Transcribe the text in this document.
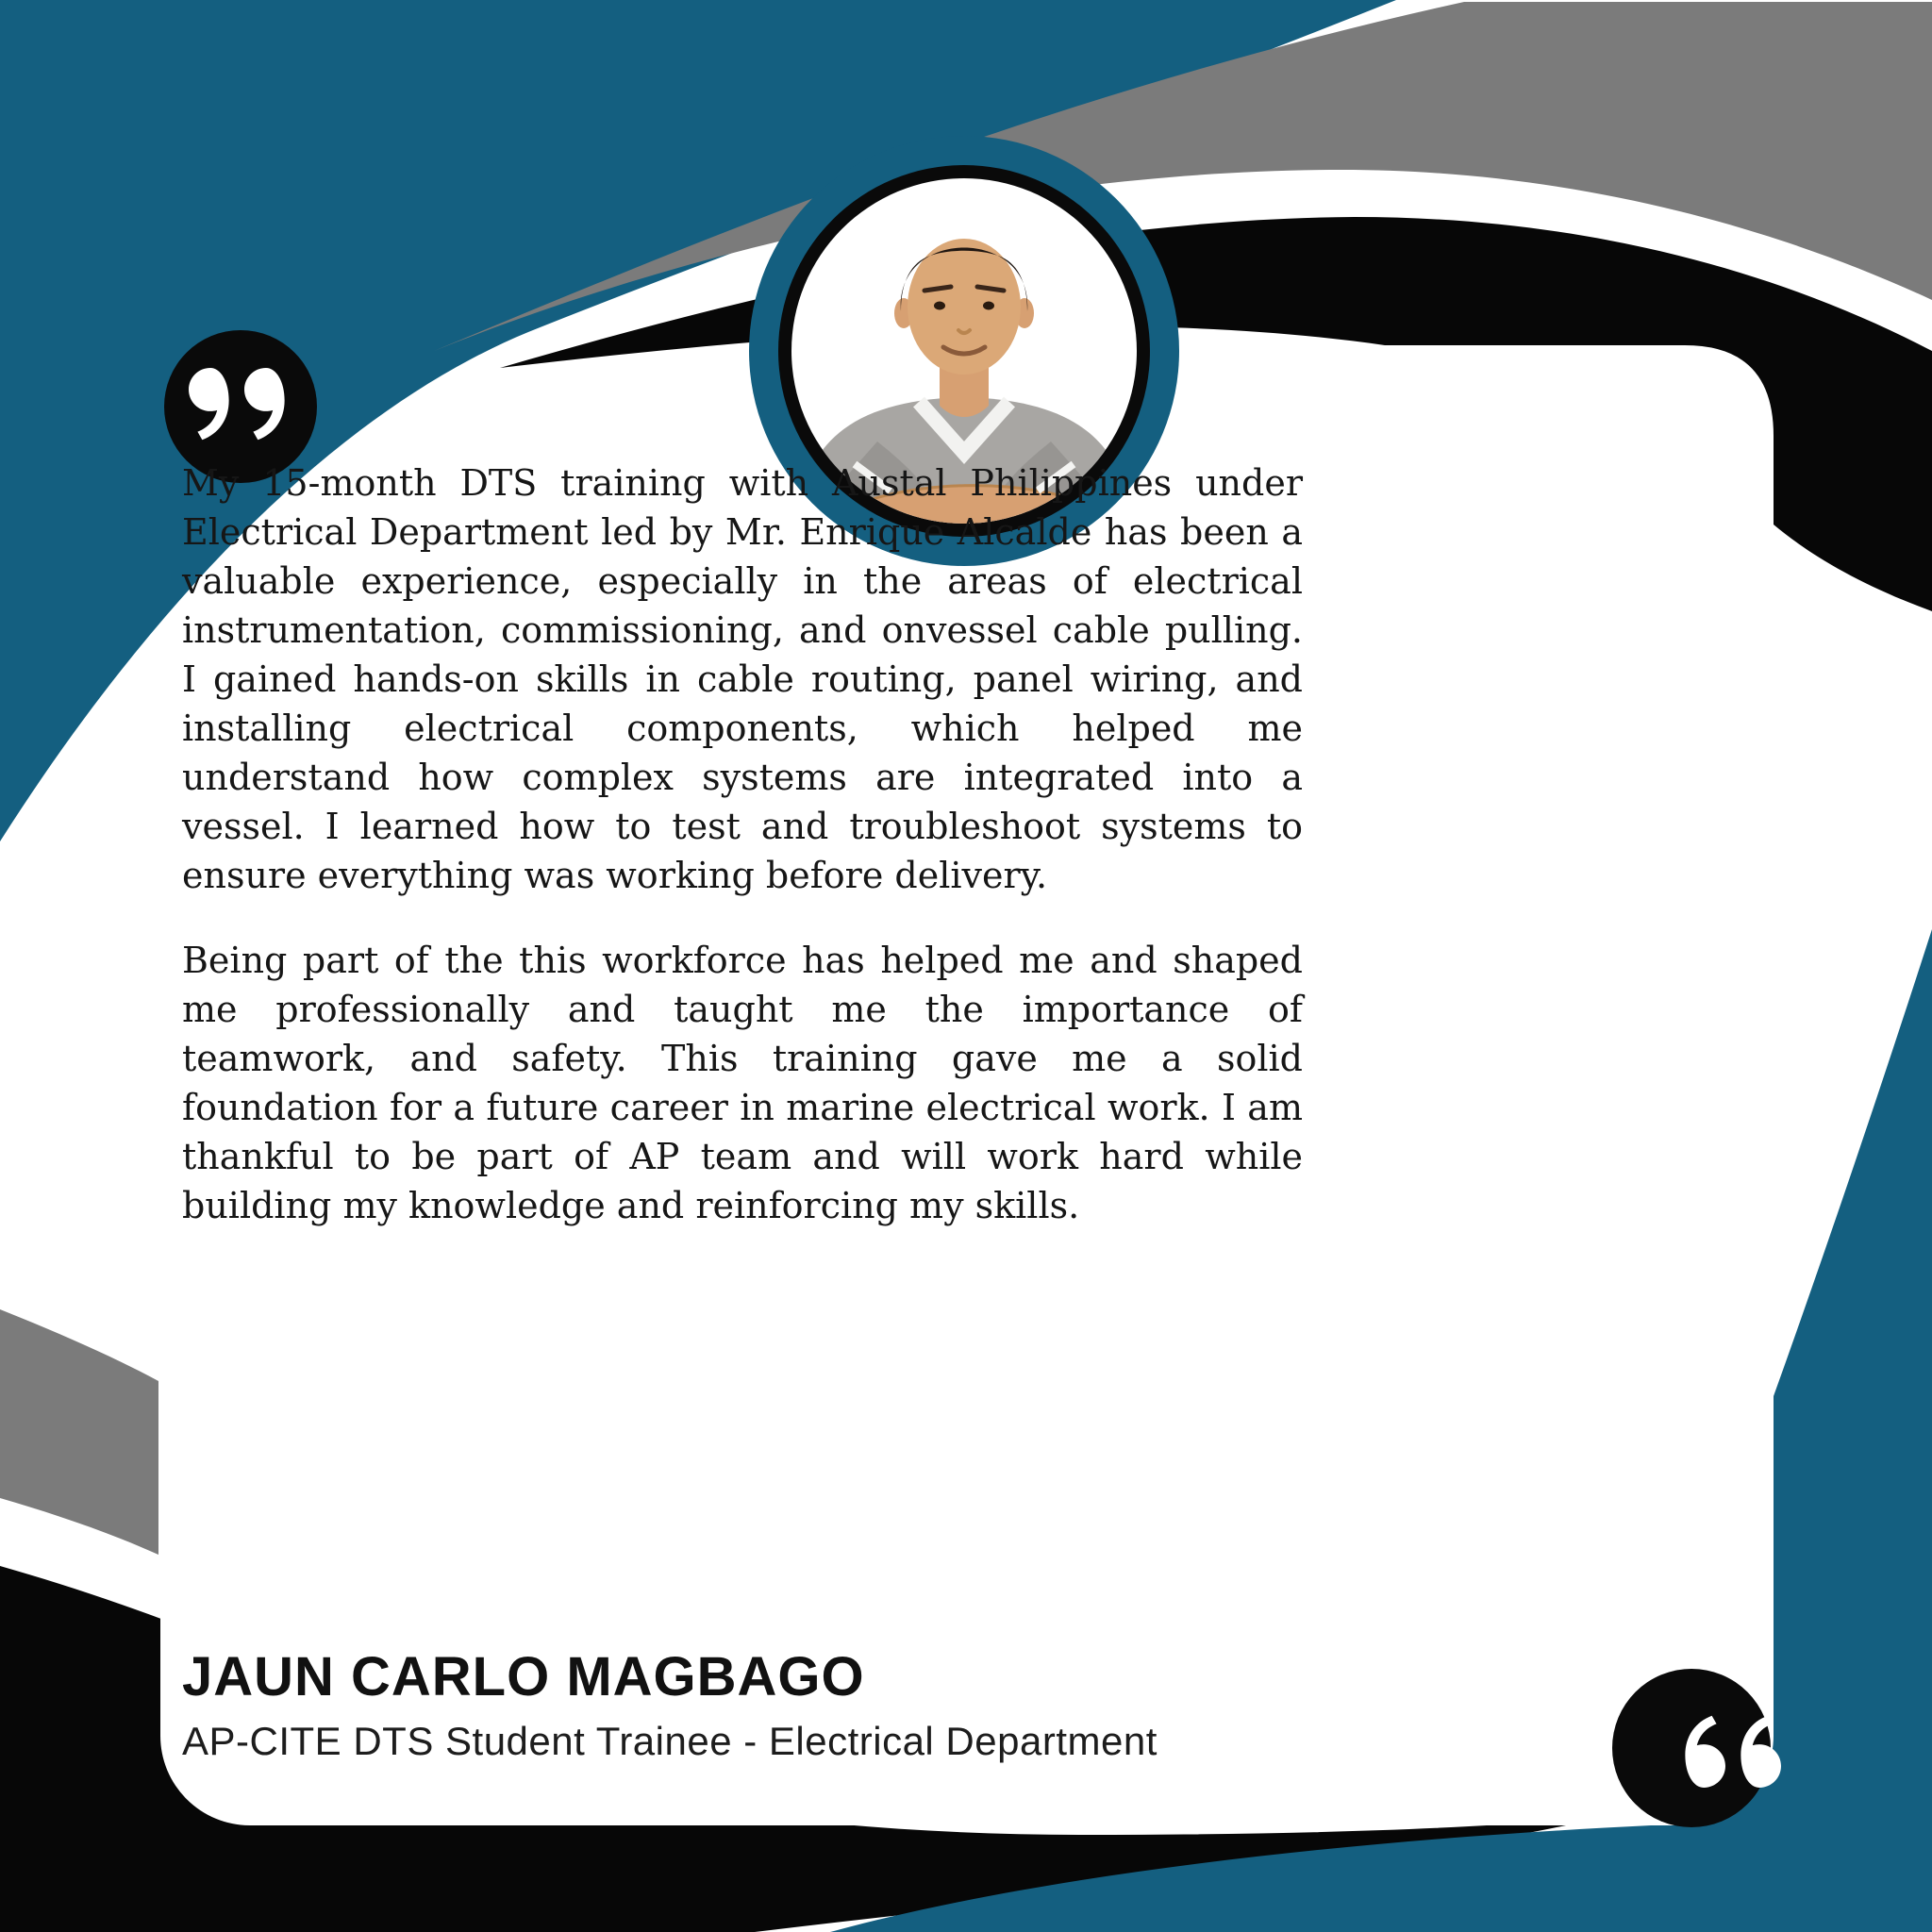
My 15-month DTS training with Austal Philippines under Electrical Department led by Mr. Enrique Alcalde has been a valuable experience, especially in the areas of electrical instrumentation, commissioning, and onvessel cable pulling. I gained hands-on skills in cable routing, panel wiring, and installing electrical components, which helped me understand how complex systems are integrated into a vessel. I learned how to test and troubleshoot systems to ensure everything was working before delivery.
Being part of the this workforce has helped me and shaped me professionally and taught me the importance of teamwork, and safety. This training gave me a solid foundation for a future career in marine electrical work. I am thankful to be part of AP team and will work hard while building my knowledge and reinforcing my skills.
JAUN CARLO MAGBAGO
AP-CITE DTS Student Trainee - Electrical Department
